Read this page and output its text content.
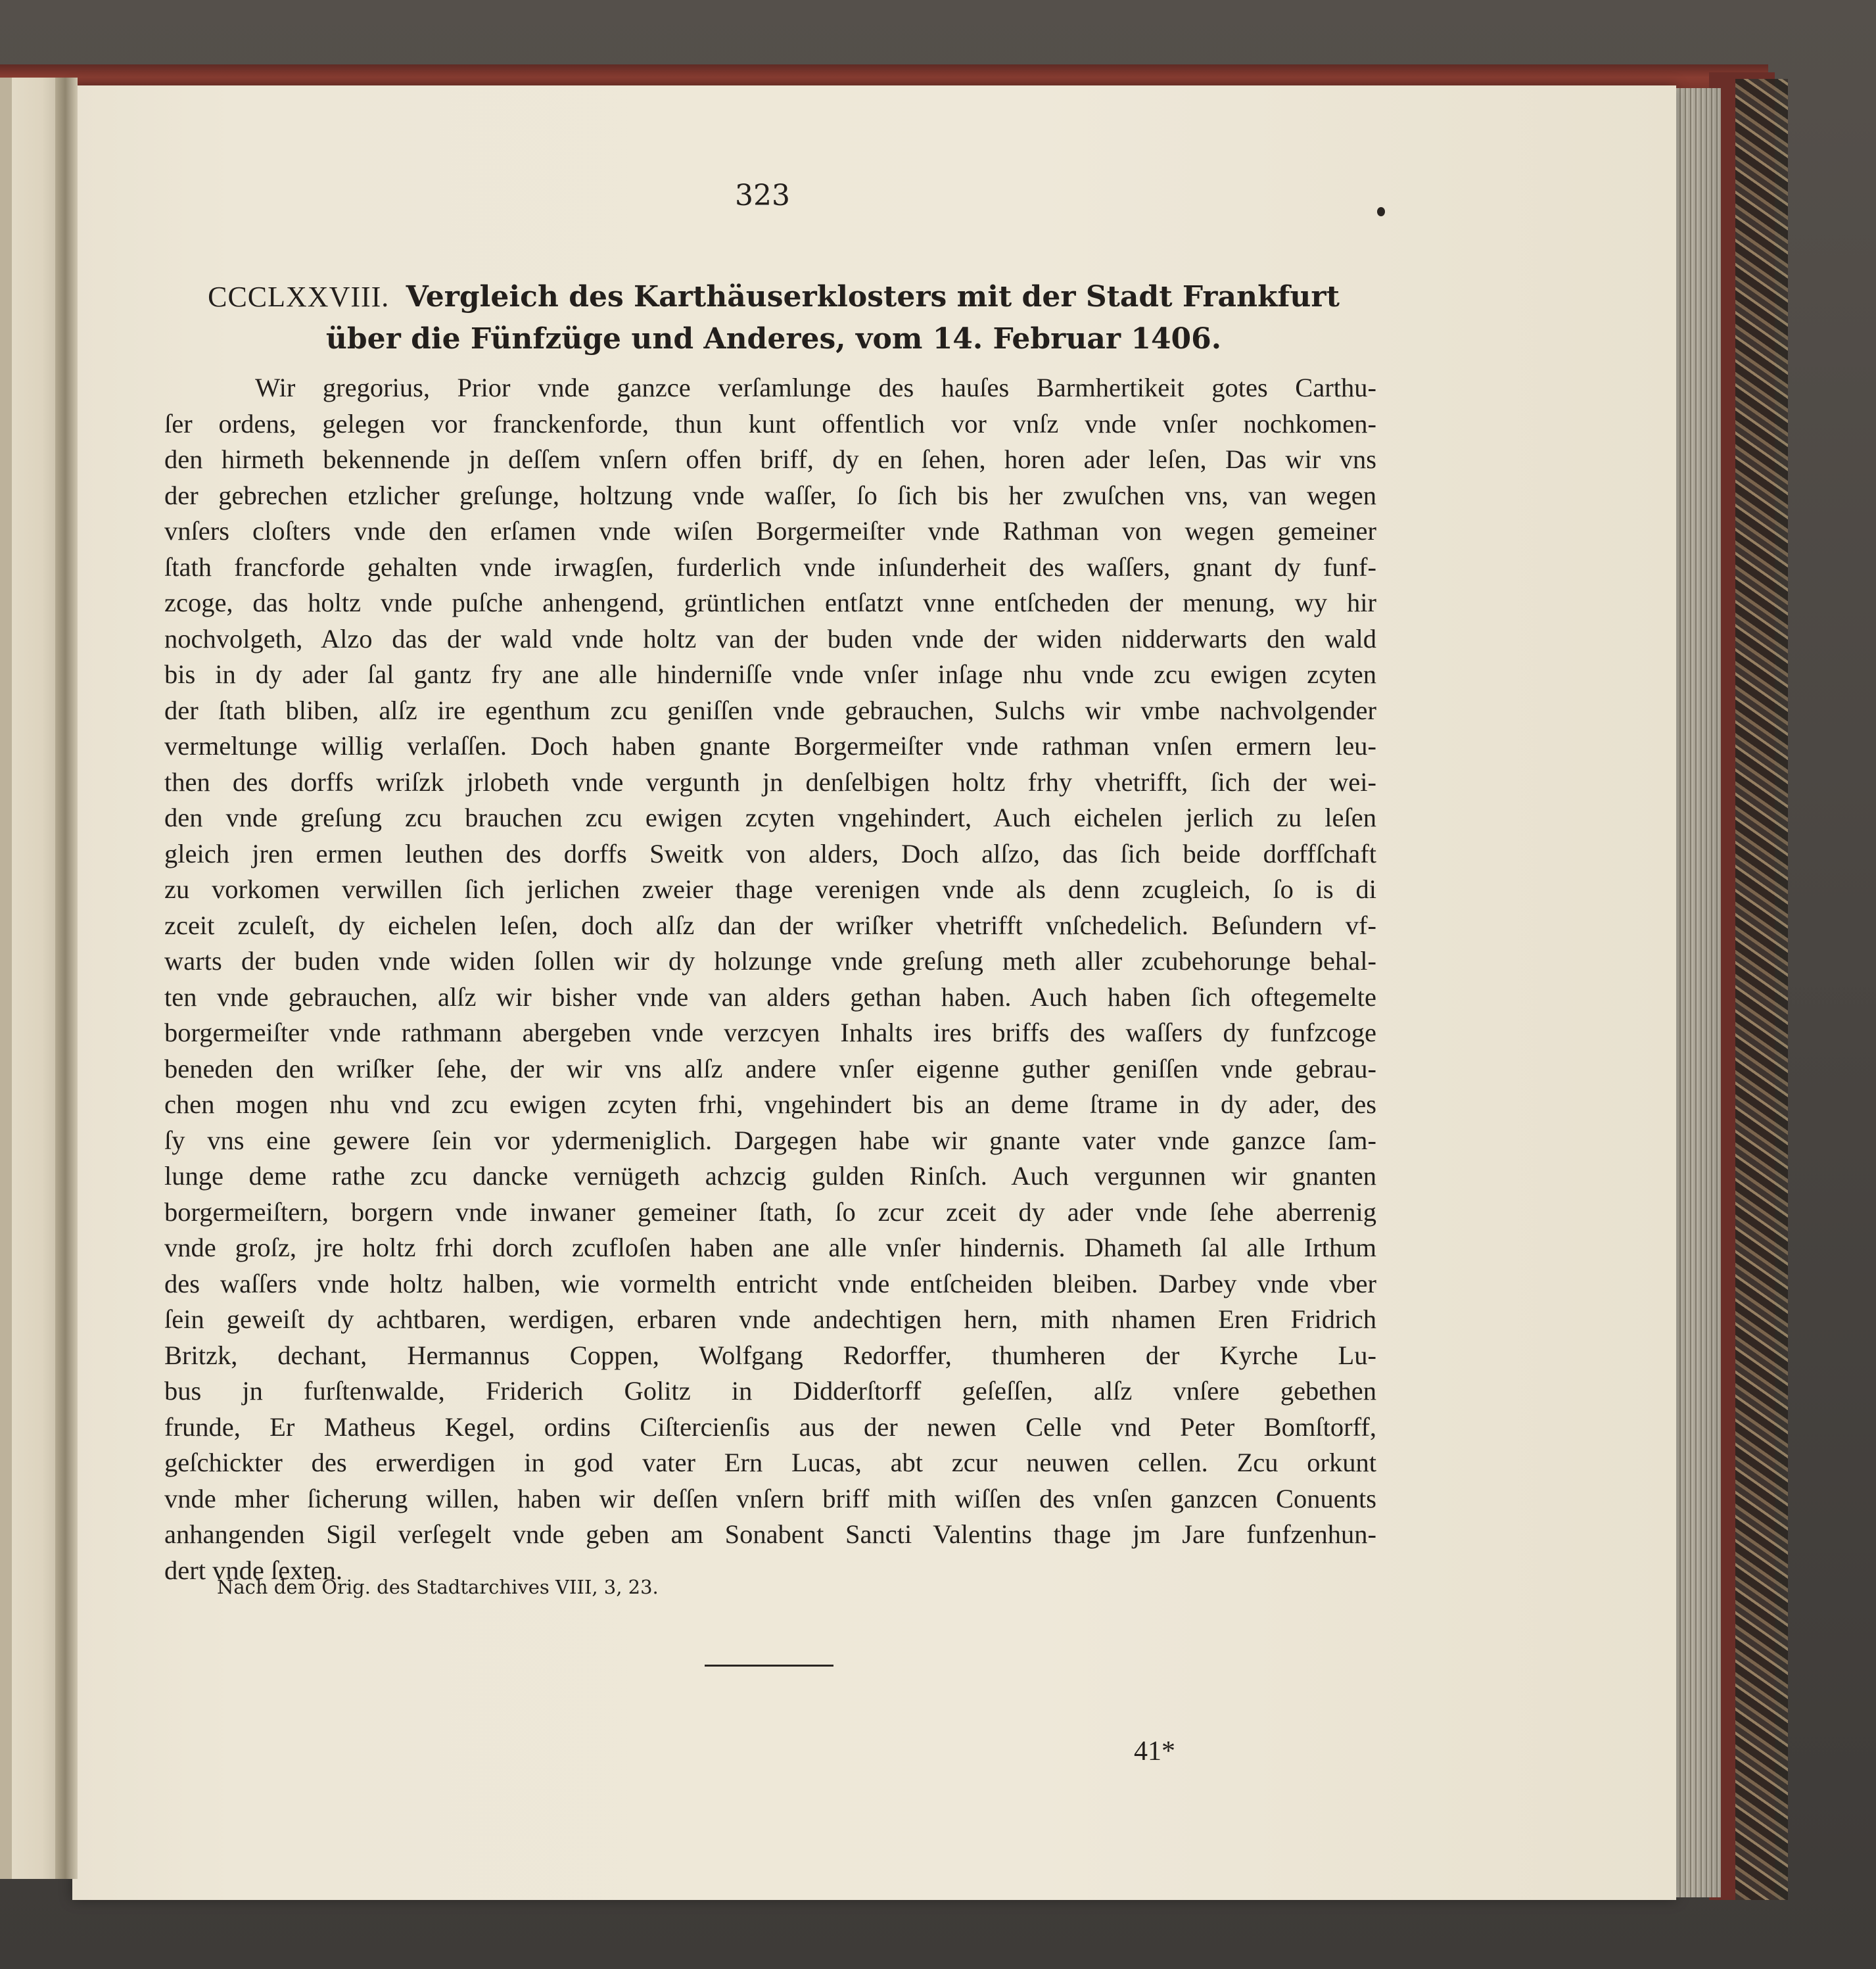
323
CCCLXXVIII. Vergleich des Karthäuserklosters mit der Stadt Frankfurt über die Fünfzüge und Anderes, vom 14. Februar 1406.
Wir gregorius, Prior vnde ganzce verſamlunge des hauſes Barmhertikeit gotes Carthu-
ſer ordens, gelegen vor franckenforde, thun kunt offentlich vor vnſz vnde vnſer nochkomen-
den hirmeth bekennende jn deſſem vnſern offen briff, dy en ſehen, horen ader leſen, Das wir vns
der gebrechen etzlicher greſunge, holtzung vnde waſſer, ſo ſich bis her zwuſchen vns, van wegen
vnſers cloſters vnde den erſamen vnde wiſen Borgermeiſter vnde Rathman von wegen gemeiner
ſtath francforde gehalten vnde irwagſen, furderlich vnde inſunderheit des waſſers, gnant dy funf-
zcoge, das holtz vnde puſche anhengend, grüntlichen entſatzt vnne entſcheden der menung, wy hir
nochvolgeth, Alzo das der wald vnde holtz van der buden vnde der widen nidderwarts den wald
bis in dy ader ſal gantz fry ane alle hinderniſſe vnde vnſer inſage nhu vnde zcu ewigen zcyten
der ſtath bliben, alſz ire egenthum zcu geniſſen vnde gebrauchen, Sulchs wir vmbe nachvolgender
vermeltunge willig verlaſſen. Doch haben gnante Borgermeiſter vnde rathman vnſen ermern leu-
then des dorffs wriſzk jrlobeth vnde vergunth jn denſelbigen holtz frhy vhetrifft, ſich der wei-
den vnde greſung zcu brauchen zcu ewigen zcyten vngehindert, Auch eichelen jerlich zu leſen
gleich jren ermen leuthen des dorffs Sweitk von alders, Doch alſzo, das ſich beide dorffſchaft
zu vorkomen verwillen ſich jerlichen zweier thage verenigen vnde als denn zcugleich, ſo is di
zceit zculeſt, dy eichelen leſen, doch alſz dan der wriſker vhetrifft vnſchedelich. Beſundern vf-
warts der buden vnde widen ſollen wir dy holzunge vnde greſung meth aller zcubehorunge behal-
ten vnde gebrauchen, alſz wir bisher vnde van alders gethan haben. Auch haben ſich oftegemelte
borgermeiſter vnde rathmann abergeben vnde verzcyen Inhalts ires briffs des waſſers dy funfzcoge
beneden den wriſker ſehe, der wir vns alſz andere vnſer eigenne guther geniſſen vnde gebrau-
chen mogen nhu vnd zcu ewigen zcyten frhi, vngehindert bis an deme ſtrame in dy ader, des
ſy vns eine gewere ſein vor ydermeniglich. Dargegen habe wir gnante vater vnde ganzce ſam-
lunge deme rathe zcu dancke vernügeth achzcig gulden Rinſch. Auch vergunnen wir gnanten
borgermeiſtern, borgern vnde inwaner gemeiner ſtath, ſo zcur zceit dy ader vnde ſehe aberrenig
vnde groſz, jre holtz frhi dorch zcufloſen haben ane alle vnſer hindernis. Dhameth ſal alle Irthum
des waſſers vnde holtz halben, wie vormelth entricht vnde entſcheiden bleiben. Darbey vnde vber
ſein geweiſt dy achtbaren, werdigen, erbaren vnde andechtigen hern, mith nhamen Eren Fridrich
Britzk, dechant, Hermannus Coppen, Wolfgang Redorffer, thumheren der Kyrche Lu-
bus jn furſtenwalde, Friderich Golitz in Didderſtorff geſeſſen, alſz vnſere gebethen
frunde, Er Matheus Kegel, ordins Ciſtercienſis aus der newen Celle vnd Peter Bomſtorff,
geſchickter des erwerdigen in god vater Ern Lucas, abt zcur neuwen cellen. Zcu orkunt
vnde mher ſicherung willen, haben wir deſſen vnſern briff mith wiſſen des vnſen ganzcen Conuents
anhangenden Sigil verſegelt vnde geben am Sonabent Sancti Valentins thage jm Jare funfzenhun-
dert vnde ſexten.
Nach dem Orig. des Stadtarchives VIII, 3, 23.
41*
